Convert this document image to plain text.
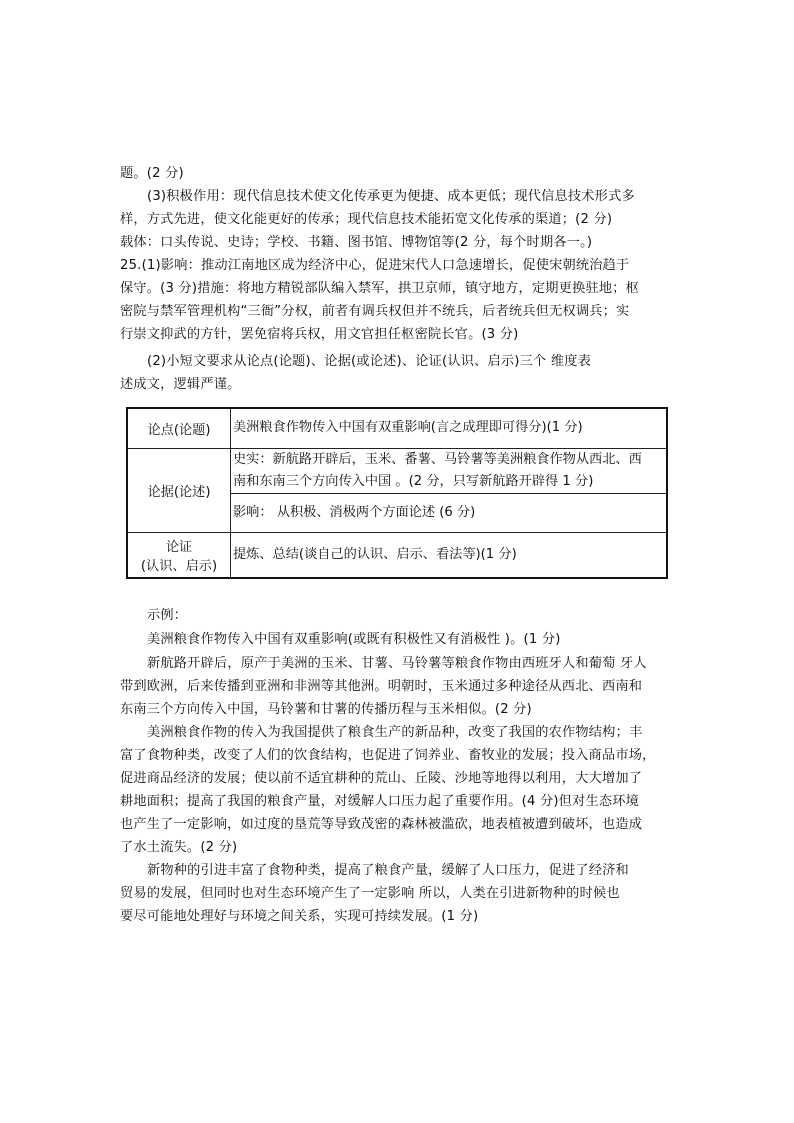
题。(2 分)
(3)积极作用：现代信息技术使文化传承更为便捷、成本更低；现代信息技术形式多
样，方式先进，使文化能更好的传承；现代信息技术能拓宽文化传承的渠道；(2 分)
载体：口头传说、史诗；学校、书籍、图书馆、博物馆等(2 分，每个时期各一。)
25.(1)影响：推动江南地区成为经济中心，促进宋代人口急速增长，促使宋朝统治趋于
保守。(3 分)措施：将地方精锐部队编入禁军，拱卫京师，镇守地方，定期更换驻地；枢
密院与禁军管理机构“三衙”分权，前者有调兵权但并不统兵，后者统兵但无权调兵；实
行崇文抑武的方针，罢免宿将兵权，用文官担任枢密院长官。(3 分)
(2)小短文要求从论点(论题)、论据(或论述)、论证(认识、启示)三个 维度表
述成文，逻辑严谨。
论点(论题)	美洲粮食作物传入中国有双重影响(言之成理即可得分)(1 分)
论据(论述)	史实：新航路开辟后，玉米、番薯、马铃薯等美洲粮食作物从西北、西
南和东南三个方向传入中国 。(2 分，只写新航路开辟得 1 分)

	影响： 从积极、消极两个方面论述 (6 分)

论证
(认识、启示)	提炼、总结(谈自己的认识、启示、看法等)(1 分)
示例：
美洲粮食作物传入中国有双重影响(或既有积极性又有消极性 )。(1 分)
新航路开辟后，原产于美洲的玉米、甘薯、马铃薯等粮食作物由西班牙人和葡萄 牙人
带到欧洲，后来传播到亚洲和非洲等其他洲。明朝时，玉米通过多种途径从西北、西南和
东南三个方向传入中国，马铃薯和甘薯的传播历程与玉米相似。(2 分)
美洲粮食作物的传入为我国提供了粮食生产的新品种，改变了我国的农作物结构；丰
富了食物种类，改变了人们的饮食结构，也促进了饲养业、畜牧业的发展；投入商品市场，
促进商品经济的发展；使以前不适宜耕种的荒山、丘陵、沙地等地得以利用，大大增加了
耕地面积；提高了我国的粮食产量，对缓解人口压力起了重要作用。(4 分)但对生态环境
也产生了一定影响，如过度的垦荒等导致茂密的森林被滥砍，地表植被遭到破坏，也造成
了水土流失。(2 分)
新物种的引进丰富了食物种类，提高了粮食产量，缓解了人口压力，促进了经济和
贸易的发展，但同时也对生态环境产生了一定影响 所以，人类在引进新物种的时候也
要尽可能地处理好与环境之间关系，实现可持续发展。(1 分)
